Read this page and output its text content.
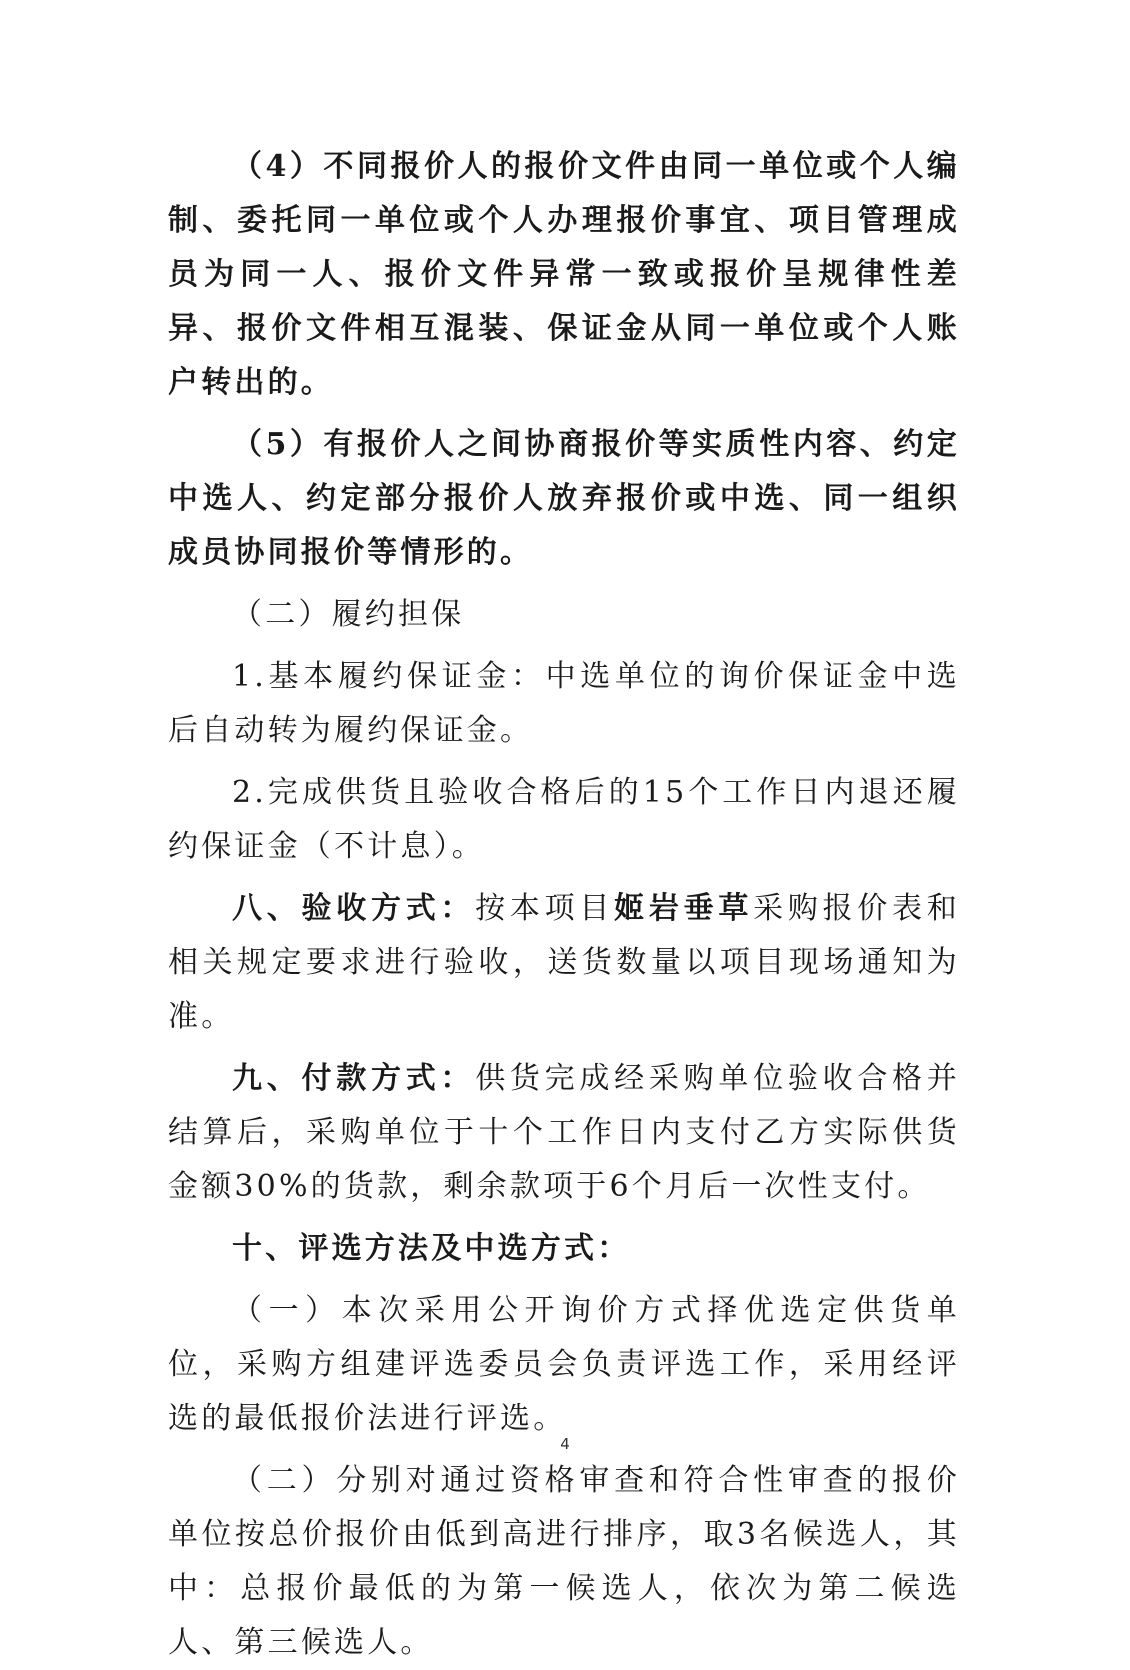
（4）不同报价人的报价文件由同一单位或个人编制、委托同一单位或个人办理报价事宜、项目管理成员为同一人、报价文件异常一致或报价呈规律性差异、报价文件相互混装、保证金从同一单位或个人账户转出的。

（5）有报价人之间协商报价等实质性内容、约定中选人、约定部分报价人放弃报价或中选、同一组织成员协同报价等情形的。

（二）履约担保

1.基本履约保证金：中选单位的询价保证金中选后自动转为履约保证金。

2.完成供货且验收合格后的15个工作日内退还履约保证金（不计息）。

八、验收方式：按本项目姬岩垂草采购报价表和相关规定要求进行验收，送货数量以项目现场通知为准。

九、付款方式：供货完成经采购单位验收合格并结算后，采购单位于十个工作日内支付乙方实际供货金额30%的货款，剩余款项于6个月后一次性支付。

十、评选方法及中选方式：

（一）本次采用公开询价方式择优选定供货单位，采购方组建评选委员会负责评选工作，采用经评选的最低报价法进行评选。

（二）分别对通过资格审查和符合性审查的报价单位按总价报价由低到高进行排序，取3名候选人，其中：总报价最低的为第一候选人，依次为第二候选人、第三候选人。

4
